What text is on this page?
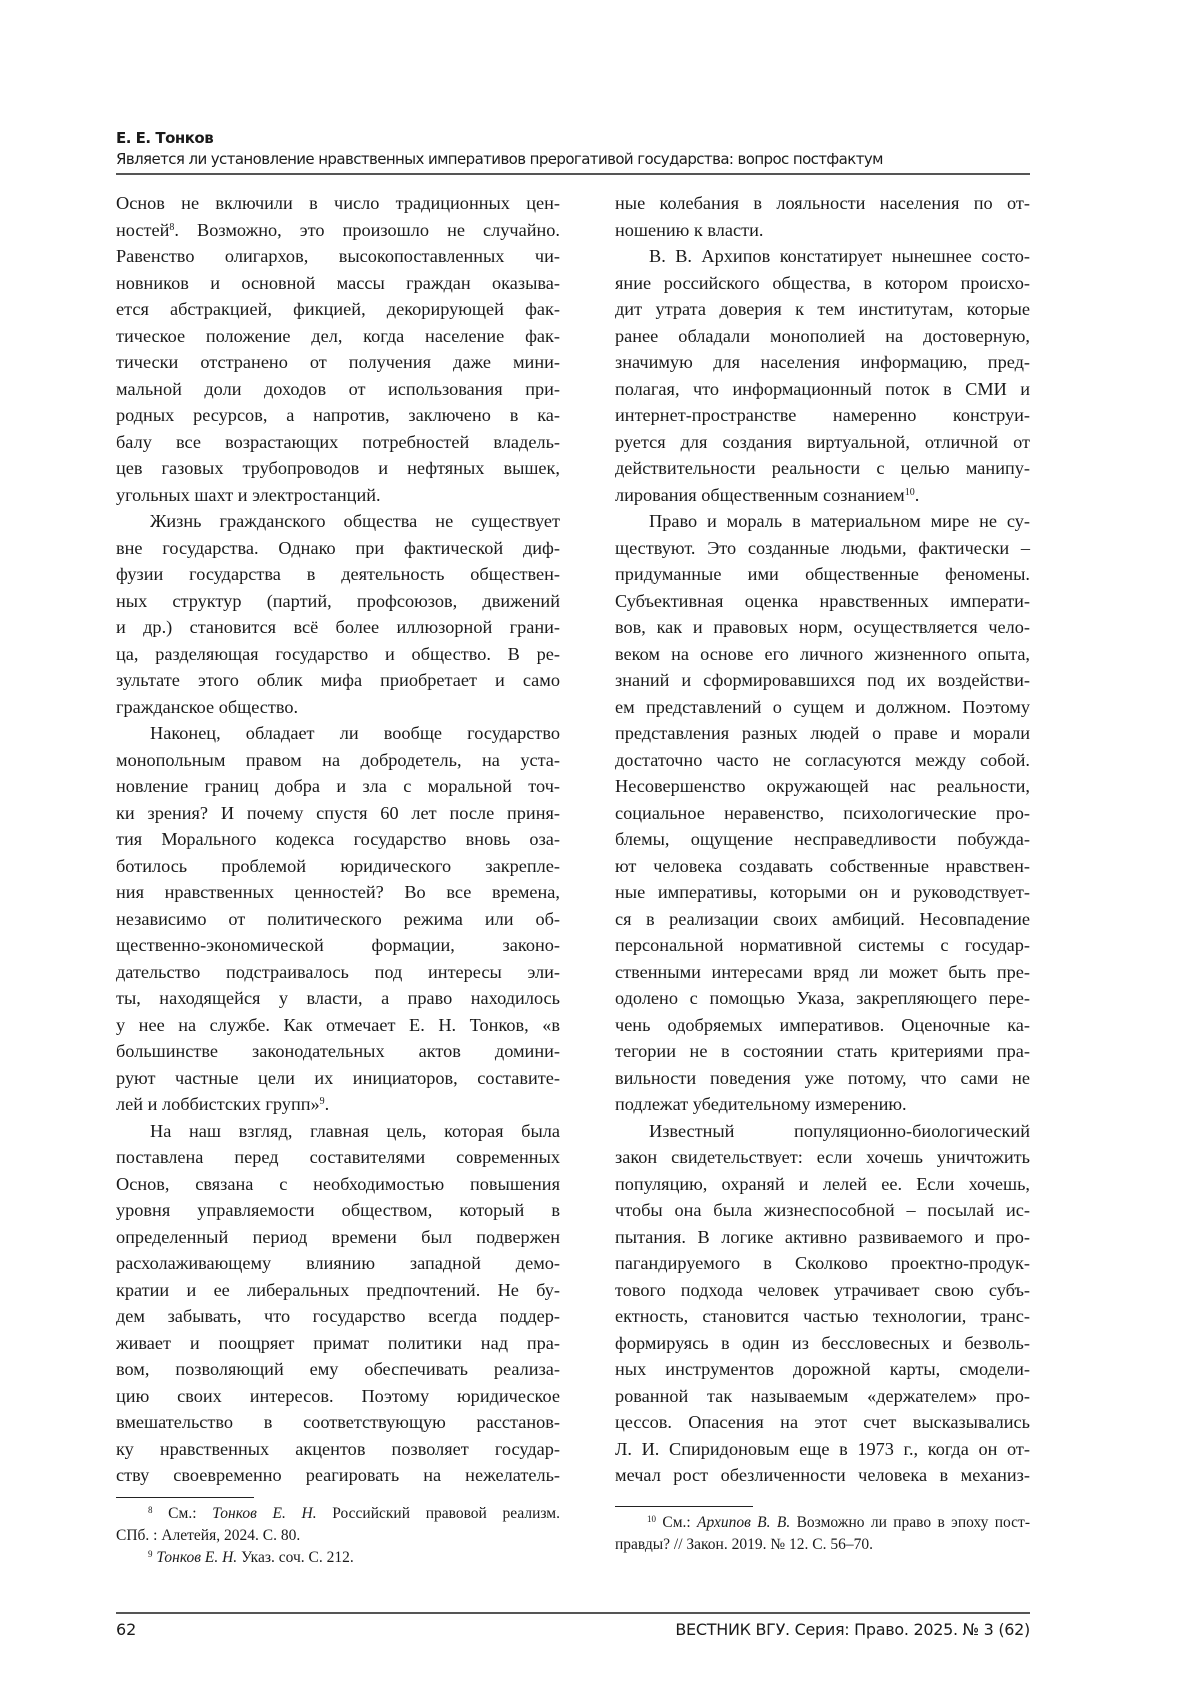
Е. Е. Тонков
Является ли установление нравственных императивов прерогативой государства: вопрос постфактум
Основ не включили в число традиционных цен-
ностей$^8$. Возможно, это произошло не случайно.
Равенство олигархов, высокопоставленных чи-
новников и основной массы граждан оказыва-
ется абстракцией, фикцией, декорирующей фак-
тическое положение дел, когда население фак-
тически отстранено от получения даже мини-
мальной доли доходов от использования при-
родных ресурсов, а напротив, заключено в ка-
балу все возрастающих потребностей владель-
цев газовых трубопроводов и нефтяных вышек,
угольных шахт и электростанций.
Жизнь гражданского общества не существует
вне государства. Однако при фактической диф-
фузии государства в деятельность обществен-
ных структур (партий, профсоюзов, движений
и др.) становится всё более иллюзорной грани-
ца, разделяющая государство и общество. В ре-
зультате этого облик мифа приобретает и само
гражданское общество.
Наконец, обладает ли вообще государство
монопольным правом на добродетель, на уста-
новление границ добра и зла с моральной точ-
ки зрения? И почему спустя 60 лет после приня-
тия Морального кодекса государство вновь оза-
ботилось проблемой юридического закрепле-
ния нравственных ценностей? Во все времена,
независимо от политического режима или об-
щественно-экономической формации, законо-
дательство подстраивалось под интересы эли-
ты, находящейся у власти, а право находилось
у нее на службе. Как отмечает Е. Н. Тонков, «в
большинстве законодательных актов домини-
руют частные цели их инициаторов, составите-
лей и лоббистских групп»$^9$.
На наш взгляд, главная цель, которая была
поставлена перед составителями современных
Основ, связана с необходимостью повышения
уровня управляемости обществом, который в
определенный период времени был подвержен
расхолаживающему влиянию западной демо-
кратии и ее либеральных предпочтений. Не бу-
дем забывать, что государство всегда поддер-
живает и поощряет примат политики над пра-
вом, позволяющий ему обеспечивать реализа-
цию своих интересов. Поэтому юридическое
вмешательство в соответствующую расстанов-
ку нравственных акцентов позволяет государ-
ству своевременно реагировать на нежелатель-
ные колебания в лояльности населения по от-
ношению к власти.
В. В. Архипов констатирует нынешнее состо-
яние российского общества, в котором происхо-
дит утрата доверия к тем институтам, которые
ранее обладали монополией на достоверную,
значимую для населения информацию, пред-
полагая, что информационный поток в СМИ и
интернет-пространстве намеренно конструи-
руется для создания виртуальной, отличной от
действительности реальности с целью манипу-
лирования общественным сознанием$^{10}$.
Право и мораль в материальном мире не су-
ществуют. Это созданные людьми, фактически –
придуманные ими общественные феномены.
Субъективная оценка нравственных императи-
вов, как и правовых норм, осуществляется чело-
веком на основе его личного жизненного опыта,
знаний и сформировавшихся под их воздействи-
ем представлений о сущем и должном. Поэтому
представления разных людей о праве и морали
достаточно часто не согласуются между собой.
Несовершенство окружающей нас реальности,
социальное неравенство, психологические про-
блемы, ощущение несправедливости побужда-
ют человека создавать собственные нравствен-
ные императивы, которыми он и руководствует-
ся в реализации своих амбиций. Несовпадение
персональной нормативной системы с государ-
ственными интересами вряд ли может быть пре-
одолено с помощью Указа, закрепляющего пере-
чень одобряемых императивов. Оценочные ка-
тегории не в состоянии стать критериями пра-
вильности поведения уже потому, что сами не
подлежат убедительному измерению.
Известный популяционно-биологический
закон свидетельствует: если хочешь уничтожить
популяцию, охраняй и лелей ее. Если хочешь,
чтобы она была жизнеспособной – посылай ис-
пытания. В логике активно развиваемого и про-
пагандируемого в Сколково проектно-продук-
тового подхода человек утрачивает свою субъ-
ектность, становится частью технологии, транс-
формируясь в один из бессловесных и безволь-
ных инструментов дорожной карты, смодели-
рованной так называемым «держателем» про-
цессов. Опасения на этот счет высказывались
Л. И. Спиридоновым еще в 1973 г., когда он от-
мечал рост обезличенности человека в механиз-
$^8$ См.: Тонков Е. Н. Российский правовой реализм.
СПб. : Алетейя, 2024. С. 80.
$^9$ Тонков Е. Н. Указ. соч. С. 212.
$^{10}$ См.: Архипов В. В. Возможно ли право в эпоху пост-
правды? // Закон. 2019. № 12. С. 56–70.
62	ВЕСТНИК ВГУ. Серия: Право. 2025. № 3 (62)
